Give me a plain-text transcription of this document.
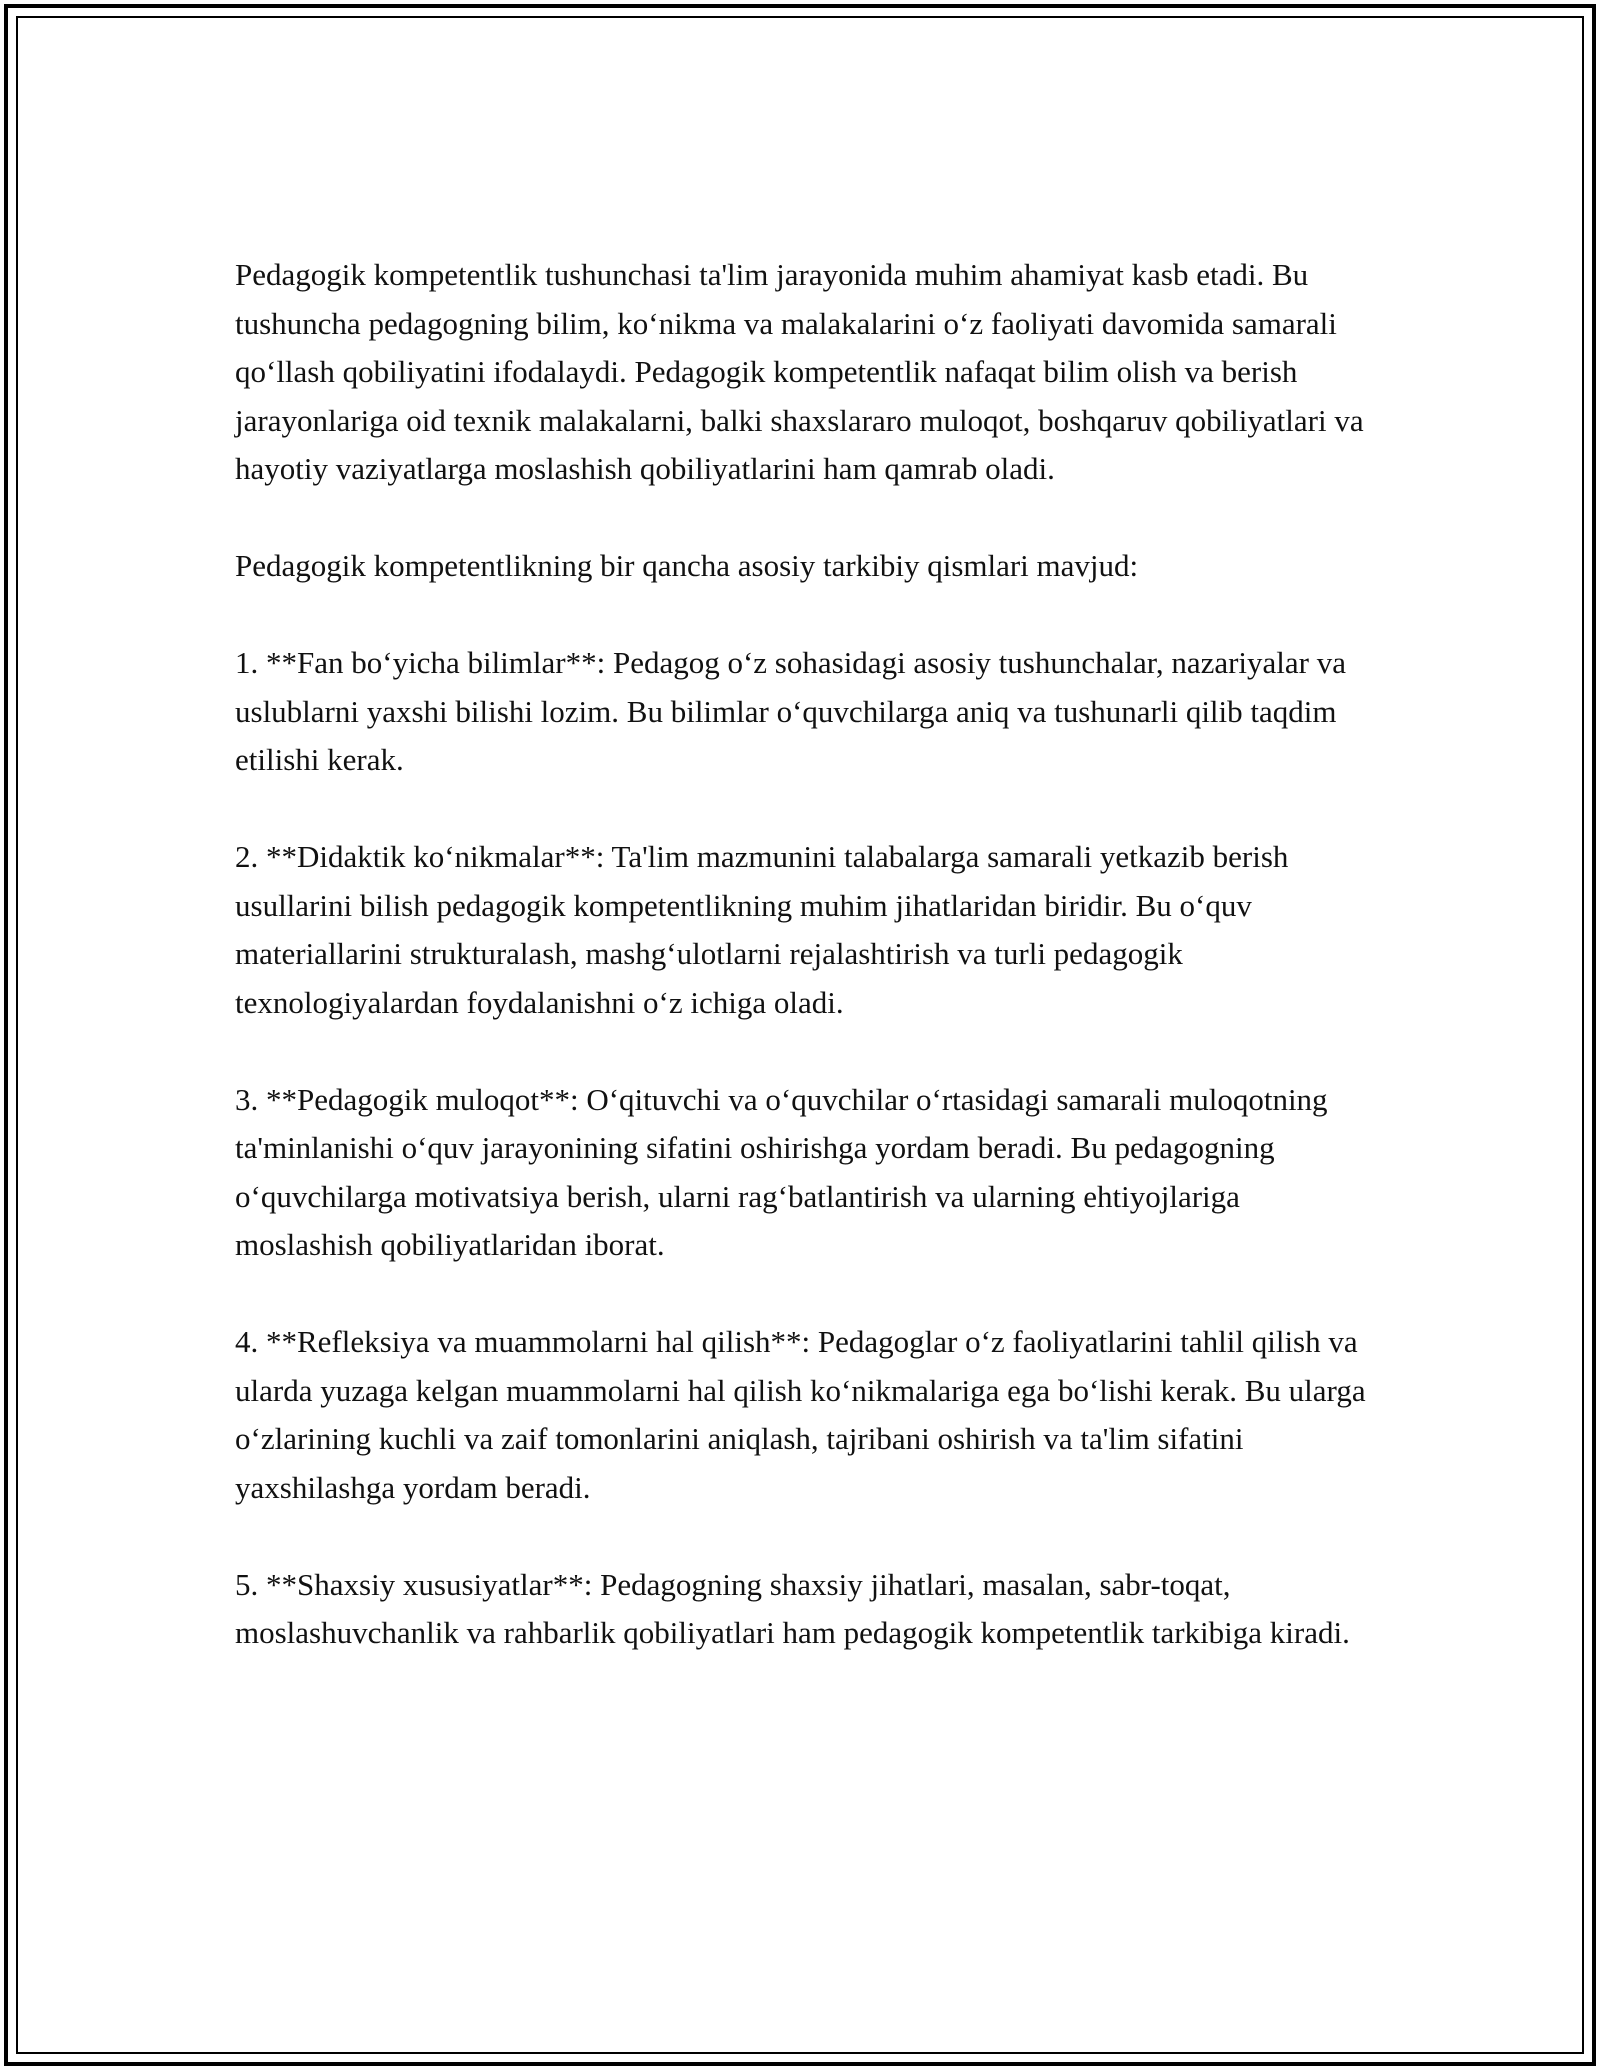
Pedagogik kompetentlik tushunchasi ta'lim jarayonida muhim ahamiyat kasb etadi. Bu tushuncha pedagogning bilim, ko‘nikma va malakalarini o‘z faoliyati davomida samarali qo‘llash qobiliyatini ifodalaydi. Pedagogik kompetentlik nafaqat bilim olish va berish jarayonlariga oid texnik malakalarni, balki shaxslararo muloqot, boshqaruv qobiliyatlari va hayotiy vaziyatlarga moslashish qobiliyatlarini ham qamrab oladi.

Pedagogik kompetentlikning bir qancha asosiy tarkibiy qismlari mavjud:

1. **Fan bo‘yicha bilimlar**: Pedagog o‘z sohasidagi asosiy tushunchalar, nazariyalar va uslublarni yaxshi bilishi lozim. Bu bilimlar o‘quvchilarga aniq va tushunarli qilib taqdim etilishi kerak.

2. **Didaktik ko‘nikmalar**: Ta'lim mazmunini talabalarga samarali yetkazib berish usullarini bilish pedagogik kompetentlikning muhim jihatlaridan biridir. Bu o‘quv materiallarini strukturalash, mashg‘ulotlarni rejalashtirish va turli pedagogik texnologiyalardan foydalanishni o‘z ichiga oladi.

3. **Pedagogik muloqot**: O‘qituvchi va o‘quvchilar o‘rtasidagi samarali muloqotning ta'minlanishi o‘quv jarayonining sifatini oshirishga yordam beradi. Bu pedagogning o‘quvchilarga motivatsiya berish, ularni rag‘batlantirish va ularning ehtiyojlariga moslashish qobiliyatlaridan iborat.

4. **Refleksiya va muammolarni hal qilish**: Pedagoglar o‘z faoliyatlarini tahlil qilish va ularda yuzaga kelgan muammolarni hal qilish ko‘nikmalariga ega bo‘lishi kerak. Bu ularga o‘zlarining kuchli va zaif tomonlarini aniqlash, tajribani oshirish va ta'lim sifatini yaxshilashga yordam beradi.

5. **Shaxsiy xususiyatlar**: Pedagogning shaxsiy jihatlari, masalan, sabr-toqat, moslashuvchanlik va rahbarlik qobiliyatlari ham pedagogik kompetentlik tarkibiga kiradi.
